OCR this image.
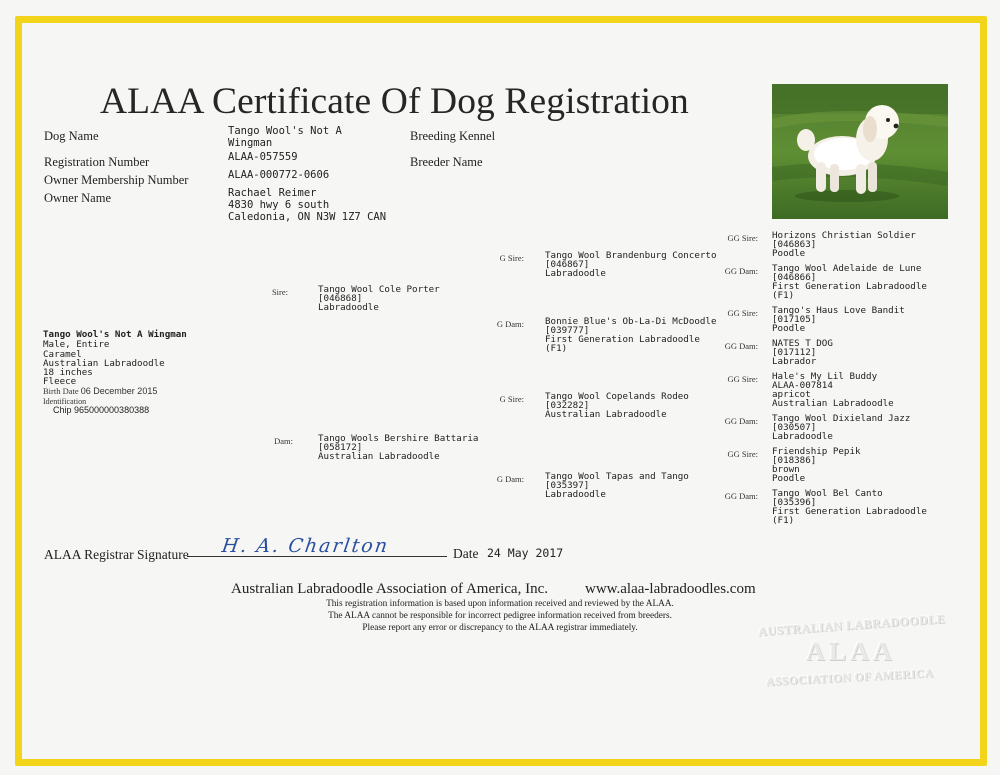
ALAA Certificate Of Dog Registration
Dog Name	Tango Wool's Not A
Wingman	Breeding Kennel
Registration Number	ALAA-057559	Breeder Name
Owner Membership Number	ALAA-000772-0606
Owner Name	Rachael Reimer
4830 hwy 6 south
Caledonia, ON N3W 1Z7 CAN
Tango Wool's Not A Wingman
Male, Entire
Caramel
Australian Labradoodle
18 inches
Fleece
Birth Date 06 December 2015
Identification
Chip 965000000380388
Sire:	Tango Wool Cole Porter
[046868]
Labradoodle
Dam:	Tango Wools Bershire Battaria
[058172]
Australian Labradoodle
G Sire: Tango Wool Brandenburg Concerto
[046867]
Labradoodle
G Dam: Bonnie Blue's Ob-La-Di McDoodle
[039777]
First Generation Labradoodle
(F1)
G Sire: Tango Wool Copelands Rodeo
[032282]
Australian Labradoodle
G Dam: Tango Wool Tapas and Tango
[035397]
Labradoodle
GG Sire: Horizons Christian Soldier
[046863]
Poodle
GG Dam: Tango Wool Adelaide de Lune
[046866]
First Generation Labradoodle
(F1)
GG Sire: Tango's Haus Love Bandit
[017105]
Poodle
GG Dam: NATES T DOG
[017112]
Labrador
GG Sire: Hale's My Lil Buddy
ALAA-007814
apricot
Australian Labradoodle
GG Dam: Tango Wool Dixieland Jazz
[030507]
Labradoodle
GG Sire: Friendship Pepik
[018386]
brown
Poodle
GG Dam: Tango Wool Bel Canto
[035396]
First Generation Labradoodle
(F1)
ALAA Registrar Signature H. A. Charlton	Date 24 May 2017
Australian Labradoodle Association of America, Inc. www.alaa-labradoodles.com
This registration information is based upon information received and reviewed by the ALAA.
The ALAA cannot be responsible for incorrect pedigree information received from breeders.
Please report any error or discrepancy to the ALAA registrar immediately.	AUSTRALIAN LABRADOODLE
ALAA
ASSOCIATION OF AMERICA
